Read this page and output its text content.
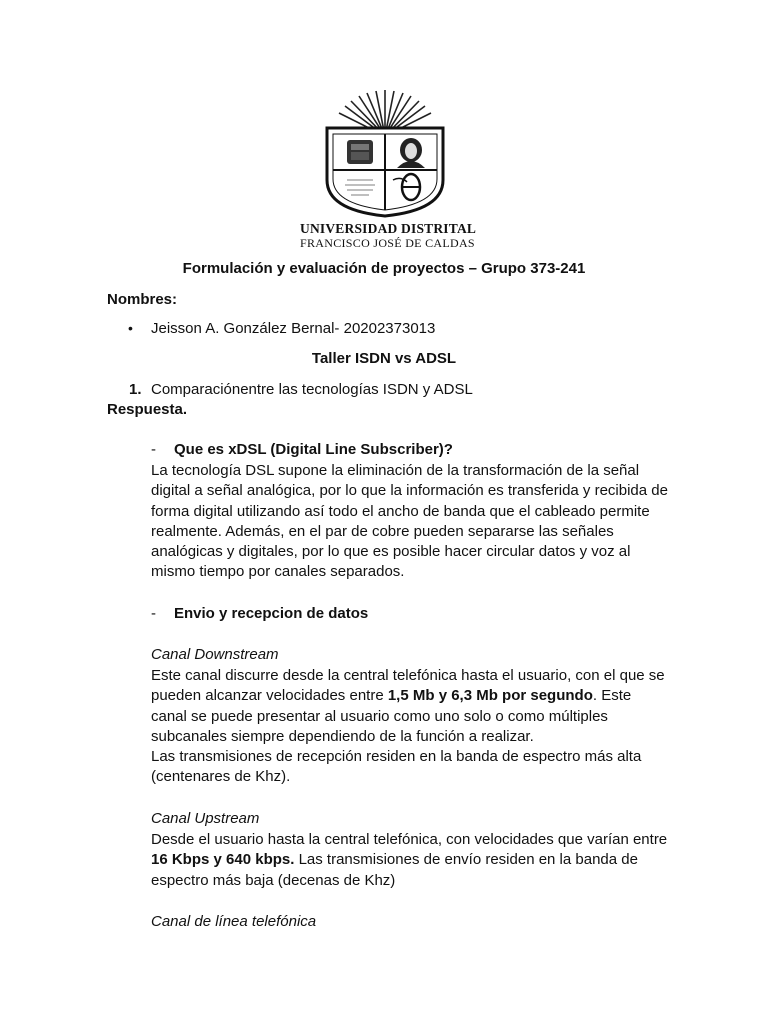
UNIVERSIDAD DISTRITAL
FRANCISCO JOSÉ DE CALDAS
Formulación y evaluación de proyectos – Grupo 373-241
Nombres:
• Jeisson A. González Bernal- 20202373013
Taller ISDN vs ADSL
1. Comparaciónentre las tecnologías ISDN y ADSL
Respuesta.
- Que es xDSL (Digital Line Subscriber)?

La tecnología DSL supone la eliminación de la transformación de la señal digital a señal analógica, por lo que la información es transferida y recibida de forma digital utilizando así todo el ancho de banda que el cableado permite realmente. Además, en el par de cobre pueden separarse las señales analógicas y digitales, por lo que es posible hacer circular datos y voz al mismo tiempo por canales separados.

- Envio y recepcion de datos
Canal Downstream

Este canal discurre desde la central telefónica hasta el usuario, con el que se pueden alcanzar velocidades entre 1,5 Mb y 6,3 Mb por segundo. Este canal se puede presentar al usuario como uno solo o como múltiples subcanales siempre dependiendo de la función a realizar.

Las transmisiones de recepción residen en la banda de espectro más alta (centenares de Khz).

Canal Upstream

Desde el usuario hasta la central telefónica, con velocidades que varían entre 16 Kbps y 640 kbps. Las transmisiones de envío residen en la banda de espectro más baja (decenas de Khz)

Canal de línea telefónica
